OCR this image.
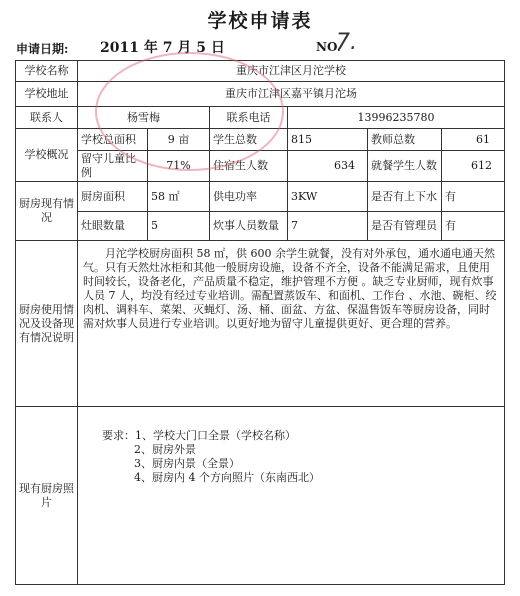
学校申请表
申请日期: 2011 年 7 月 5 日	NO.
7.
学校名称	重庆市江津区月沱学校					
学校地址	重庆市江津区嘉平镇月沱场					
联系人	杨雪梅		联系电话	13996235780		
学校概况	学校总面积	9 亩	学生总数	815	教师总数	61
	留守儿童比例	71%	住宿生人数	634	就餐学生人数	612
厨房现有情况	厨房面积	58 ㎡	供电功率	3KW	是否有上下水	有
	灶眼数量	5	炊事人员数量	7	是否有管理员	有
厨房使用情况及设备现有情况说明	月沱学校厨房面积 58 ㎡，供 600 余学生就餐，没有对外承包，通水通电通天然气。只有天然灶冰柜和其他一般厨房设施，设备不齐全，设备不能满足需求，且使用时间较长，设备老化，产品质量不稳定，维护管理不方便 。缺乏专业厨师，现有炊事人员 7 人，均没有经过专业培训。需配置蒸饭车、和面机、工作台 、水池、碗柜、绞肉机、调料车、菜架、灭蝇灯、汤、桶、面盆、方盆、保温售饭车等厨房设备，同时需对炊事人员进行专业培训。以更好地为留守儿童提供更好、更合理的营养。					
现有厨房照片	要求：1、学校大门口全景（学校名称）
2、厨房外景
3、厨房内景（全景）
4、厨房内 4 个方向照片（东南西北）					
